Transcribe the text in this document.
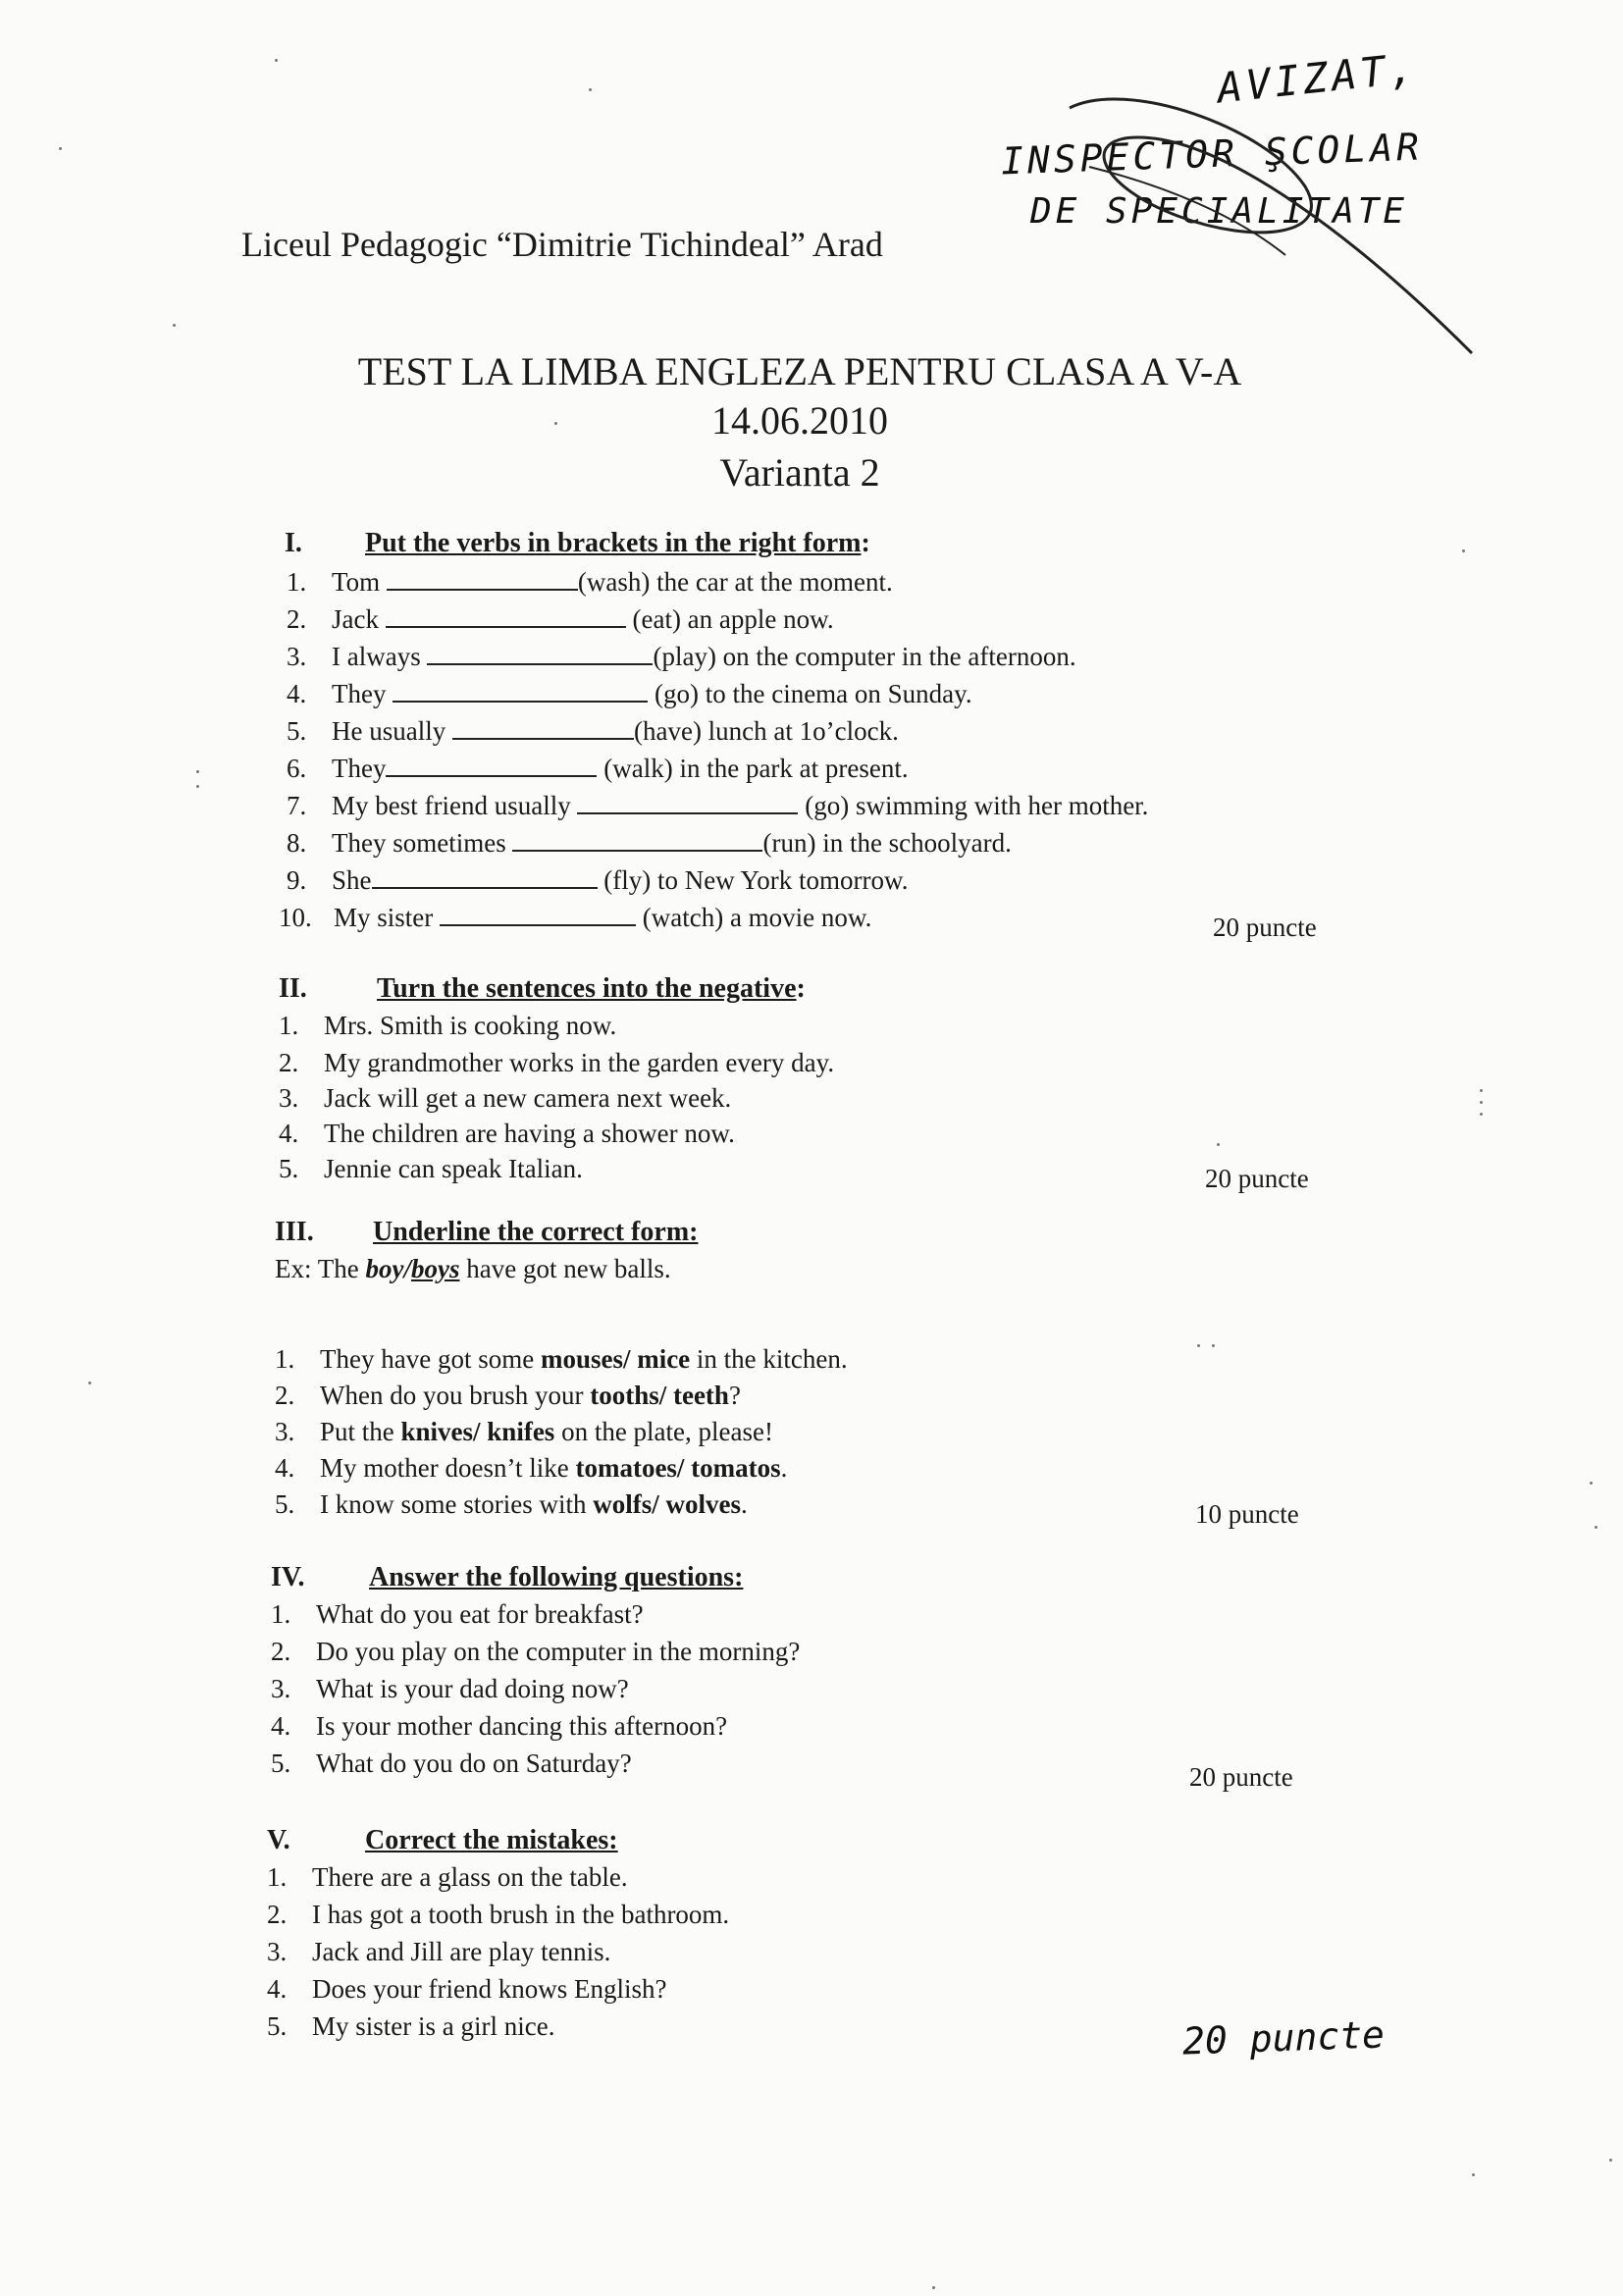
AVIZAT,
INSPECTOR ŞCOLAR
DE SPECIALITATE
Liceul Pedagogic “Dimitrie Tichindeal” Arad
TEST LA LIMBA ENGLEZA PENTRU CLASA A V-A
14.06.2010
Varianta 2
I. Put the verbs in brackets in the right form:
1. Tom	(wash) the car at the moment.
2. Jack	(eat) an apple now.
3. I always	(play) on the computer in the afternoon.
4. They	(go) to the cinema on Sunday.
5. He usually	(have) lunch at 1o’clock.
6. They	(walk) in the park at present.
7. My best friend usually	(go) swimming with her mother.
8. They sometimes	(run) in the schoolyard.
9. She	(fly) to New York tomorrow.
10. My sister	(watch) a movie now.	20 puncte
II.	Turn the sentences into the negative:
1. Mrs. Smith is cooking now.
2. My grandmother works in the garden every day.
3. Jack will get a new camera next week.
4. The children are having a shower now.
5. Jennie can speak Italian.	20 puncte
III. Underline the correct form:
Ex: The boy/boys have got new balls.
1. They have got some mouses/ mice in the kitchen.
2. When do you brush your tooths/ teeth?
3. Put the knives/ knifes on the plate, please!
4. My mother doesn’t like tomatoes/ tomatos.
5. I know some stories with wolfs/ wolves.	10 puncte
IV. Answer the following questions:
1. What do you eat for breakfast?
2. Do you play on the computer in the morning?
3. What is your dad doing now?
4. Is your mother dancing this afternoon?
5. What do you do on Saturday?	20 puncte
V.	Correct the mistakes:
1. There are a glass on the table.
2. I has got a tooth brush in the bathroom.
3. Jack and Jill are play tennis.
4. Does your friend knows English?
5. My sister is a girl nice.	20 puncte
